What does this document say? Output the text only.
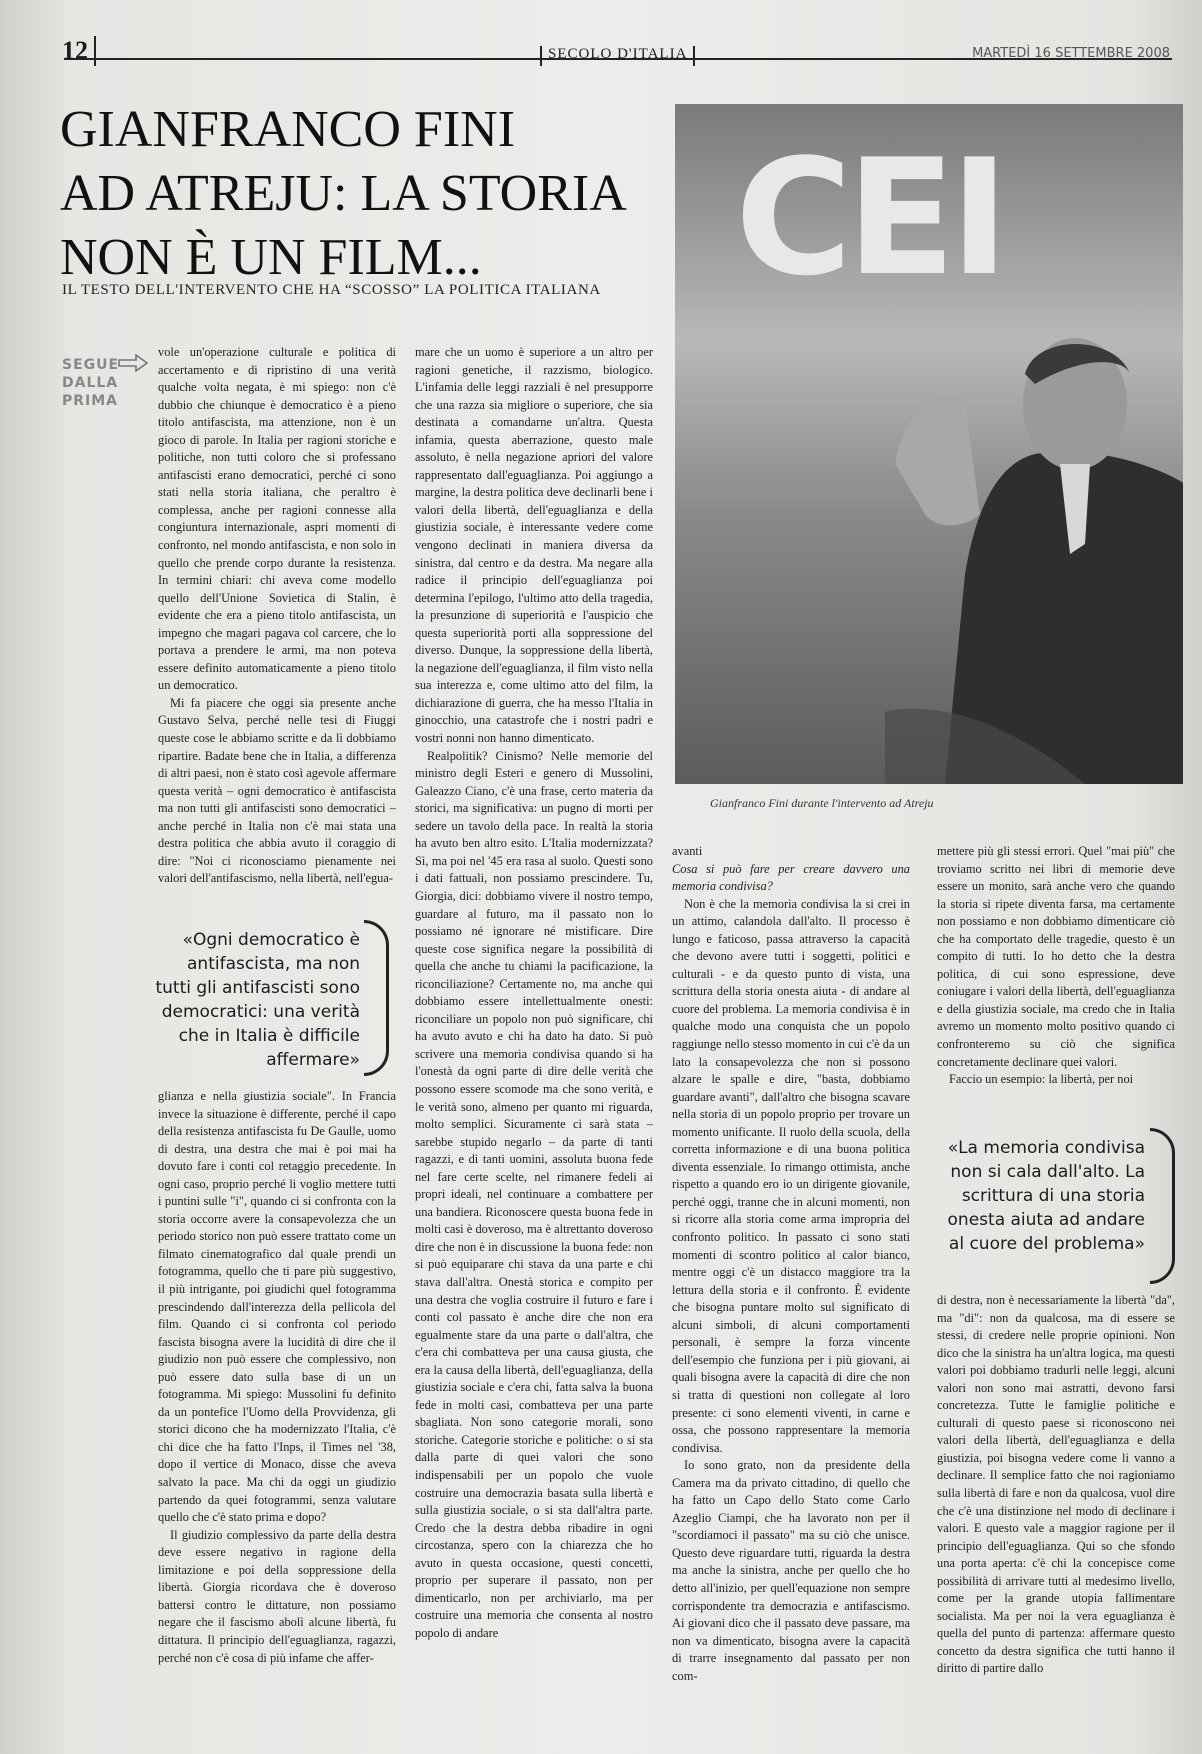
12	SECOLO D'ITALIA	MARTEDÌ 16 SETTEMBRE 2008
GIANFRANCO FINI
AD ATREJU: LA STORIA
NON È UN FILM...
IL TESTO DELL'INTERVENTO CHE HA “SCOSSO” LA POLITICA ITALIANA CEI
Gianfranco Fini durante l'intervento ad Atreju
SEGUE DALLA PRIMA

vole un'operazione culturale e politica di accertamento e di ripristino di una verità qualche volta negata, è mi spiego: non c'è dubbio che chiunque è democratico è a pieno titolo antifascista, ma attenzione, non è un gioco di parole. In Italia per ragioni storiche e politiche, non tutti coloro che si professano antifascisti erano democratici, perché ci sono stati nella storia italiana, che peraltro è complessa, anche per ragioni connesse alla congiuntura internazionale, aspri momenti di confronto, nel mondo antifascista, e non solo in quello che prende corpo durante la resistenza. In termini chiari: chi aveva come modello quello dell'Unione Sovietica di Stalin, è evidente che era a pieno titolo antifascista, un impegno che magari pagava col carcere, che lo portava a prendere le armi, ma non poteva essere definito automaticamente a pieno titolo un democratico.

Mi fa piacere che oggi sia presente anche Gustavo Selva, perché nelle tesi di Fiuggi queste cose le abbiamo scritte e da lì dobbiamo ripartire. Badate bene che in Italia, a differenza di altri paesi, non è stato così agevole affermare questa verità – ogni democratico è antifascista ma non tutti gli antifascisti sono democratici – anche perché in Italia non c'è mai stata una destra politica che abbia avuto il coraggio di dire: "Noi ci riconosciamo pienamente nei valori dell'antifascismo, nella libertà, nell'egua-

glianza e nella giustizia sociale". In Francia invece la situazione è differente, perché il capo della resistenza antifascista fu De Gaulle, uomo di destra, una destra che mai è poi mai ha dovuto fare i conti col retaggio precedente. In ogni caso, proprio perché li voglio mettere tutti i puntini sulle "i", quando ci si confronta con la storia occorre avere la consapevolezza che un periodo storico non può essere trattato come un filmato cinematografico dal quale prendi un fotogramma, quello che ti pare più suggestivo, il più intrigante, poi giudichi quel fotogramma prescindendo dall'interezza della pellicola del film. Quando ci si confronta col periodo fascista bisogna avere la lucidità di dire che il giudizio non può essere che complessivo, non può essere dato sulla base di un un fotogramma. Mi spiego: Mussolini fu definito da un pontefice l'Uomo della Provvidenza, gli storici dicono che ha modernizzato l'Italia, c'è chi dice che ha fatto l'Inps, il Times nel '38, dopo il vertice di Monaco, disse che aveva salvato la pace. Ma chi da oggi un giudizio partendo da quei fotogrammi, senza valutare quello che c'è stato prima e dopo?

Il giudizio complessivo da parte della destra deve essere negativo in ragione della limitazione e poi della soppressione della libertà. Giorgia ricordava che è doveroso battersi contro le dittature, non possiamo negare che il fascismo abolì alcune libertà, fu dittatura. Il principio dell'eguaglianza, ragazzi, perché non c'è cosa di più infame che affer-

«Ogni democratico è antifascista, ma non tutti gli antifascisti sono democratici: una verità che in Italia è difficile affermare»

mare che un uomo è superiore a un altro per ragioni genetiche, il razzismo, biologico. L'infamia delle leggi razziali è nel presupporre che una razza sia migliore o superiore, che sia destinata a comandarne un'altra. Questa infamia, questa aberrazione, questo male assoluto, è nella negazione apriori del valore rappresentato dall'eguaglianza. Poi aggiungo a margine, la destra politica deve declinarli bene i valori della libertà, dell'eguaglianza e della giustizia sociale, è interessante vedere come vengono declinati in maniera diversa da sinistra, dal centro e da destra. Ma negare alla radice il principio dell'eguaglianza poi determina l'epilogo, l'ultimo atto della tragedia, la presunzione di superiorità e l'auspicio che questa superiorità porti alla soppressione del diverso. Dunque, la soppressione della libertà, la negazione dell'eguaglianza, il film visto nella sua interezza e, come ultimo atto del film, la dichiarazione di guerra, che ha messo l'Italia in ginocchio, una catastrofe che i nostri padri e vostri nonni non hanno dimenticato.

Realpolitik? Cinismo? Nelle memorie del ministro degli Esteri e genero di Mussolini, Galeazzo Ciano, c'è una frase, certo materia da storici, ma significativa: un pugno di morti per sedere un tavolo della pace. In realtà la storia ha avuto ben altro esito. L'Italia modernizzata? Sì, ma poi nel '45 era rasa al suolo. Questi sono i dati fattuali, non possiamo prescindere. Tu, Giorgia, dici: dobbiamo vivere il nostro tempo, guardare al futuro, ma il passato non lo possiamo né ignorare né mistificare. Dire queste cose significa negare la possibilità di quella che anche tu chiami la pacificazione, la riconciliazione? Certamente no, ma anche qui dobbiamo essere intellettualmente onesti: riconciliare un popolo non può significare, chi ha avuto avuto e chi ha dato ha dato. Si può scrivere una memoria condivisa quando si ha l'onestà da ogni parte di dire delle verità che possono essere scomode ma che sono verità, e le verità sono, almeno per quanto mi riguarda, molto semplici. Sicuramente ci sarà stata – sarebbe stupido negarlo – da parte di tanti ragazzi, e di tanti uomini, assoluta buona fede nel fare certe scelte, nel rimanere fedeli ai propri ideali, nel continuare a combattere per una bandiera. Riconoscere questa buona fede in molti casi è doveroso, ma è altrettanto doveroso dire che non è in discussione la buona fede: non si può equiparare chi stava da una parte e chi stava dall'altra. Onestà storica e compito per una destra che voglia costruire il futuro e fare i conti col passato è anche dire che non era egualmente stare da una parte o dall'altra, che c'era chi combatteva per una causa giusta, che era la causa della libertà, dell'eguaglianza, della giustizia sociale e c'era chi, fatta salva la buona fede in molti casi, combatteva per una parte sbagliata. Non sono categorie morali, sono storiche. Categorie storiche e politiche: o si sta dalla parte di quei valori che sono indispensabili per un popolo che vuole costruire una democrazia basata sulla libertà e sulla giustizia sociale, o si sta dall'altra parte. Credo che la destra debba ribadire in ogni circostanza, spero con la chiarezza che ho avuto in questa occasione, questi concetti, proprio per superare il passato, non per dimenticarlo, non per archiviarlo, ma per costruire una memoria che consenta al nostro popolo di andare

avanti

Cosa si può fare per creare davvero una memoria condivisa?

Non è che la memoria condivisa la si crei in un attimo, calandola dall'alto. Il processo è lungo e faticoso, passa attraverso la capacità che devono avere tutti i soggetti, politici e culturali - e da questo punto di vista, una scrittura della storia onesta aiuta - di andare al cuore del problema. La memoria condivisa è in qualche modo una conquista che un popolo raggiunge nello stesso momento in cui c'è da un lato la consapevolezza che non si possono alzare le spalle e dire, "basta, dobbiamo guardare avanti", dall'altro che bisogna scavare nella storia di un popolo proprio per trovare un momento unificante. Il ruolo della scuola, della corretta informazione e di una buona politica diventa essenziale. Io rimango ottimista, anche rispetto a quando ero io un dirigente giovanile, perché oggi, tranne che in alcuni momenti, non si ricorre alla storia come arma impropria del confronto politico. In passato ci sono stati momenti di scontro politico al calor bianco, mentre oggi c'è un distacco maggiore tra la lettura della storia e il confronto. È evidente che bisogna puntare molto sul significato di alcuni simboli, di alcuni comportamenti personali, è sempre la forza vincente dell'esempio che funziona per i più giovani, ai quali bisogna avere la capacità di dire che non si tratta di questioni non collegate al loro presente: ci sono elementi viventi, in carne e ossa, che possono rappresentare la memoria condivisa.

Io sono grato, non da presidente della Camera ma da privato cittadino, di quello che ha fatto un Capo dello Stato come Carlo Azeglio Ciampi, che ha lavorato non per il "scordiamoci il passato" ma su ciò che unisce. Questo deve riguardare tutti, riguarda la destra ma anche la sinistra, anche per quello che ho detto all'inizio, per quell'equazione non sempre corrispondente tra democrazia e antifascismo. Ai giovani dico che il passato deve passare, ma non va dimenticato, bisogna avere la capacità di trarre insegnamento dal passato per non com-

mettere più gli stessi errori. Quel "mai più" che troviamo scritto nei libri di memorie deve essere un monito, sarà anche vero che quando la storia si ripete diventa farsa, ma certamente non possiamo e non dobbiamo dimenticare ciò che ha comportato delle tragedie, questo è un compito di tutti. Io ho detto che la destra politica, di cui sono espressione, deve coniugare i valori della libertà, dell'eguaglianza e della giustizia sociale, ma credo che in Italia avremo un momento molto positivo quando ci confronteremo su ciò che significa concretamente declinare quei valori.

Faccio un esempio: la libertà, per noi

«La memoria condivisa non si cala dall'alto. La scrittura di una storia onesta aiuta ad andare al cuore del problema»

di destra, non è necessariamente la libertà "da", ma "di": non da qualcosa, ma di essere se stessi, di credere nelle proprie opinioni. Non dico che la sinistra ha un'altra logica, ma questi valori poi dobbiamo tradurli nelle leggi, alcuni valori non sono mai astratti, devono farsi concretezza. Tutte le famiglie politiche e culturali di questo paese si riconoscono nei valori della libertà, dell'eguaglianza e della giustizia, poi bisogna vedere come li vanno a declinare. Il semplice fatto che noi ragioniamo sulla libertà di fare e non da qualcosa, vuol dire che c'è una distinzione nel modo di declinare i valori. E questo vale a maggior ragione per il principio dell'eguaglianza. Qui so che sfondo una porta aperta: c'è chi la concepisce come possibilità di arrivare tutti al medesimo livello, come per la grande utopia fallimentare socialista. Ma per noi la vera eguaglianza è quella del punto di partenza: affermare questo concetto da destra significa che tutti hanno il diritto di partire dallo
